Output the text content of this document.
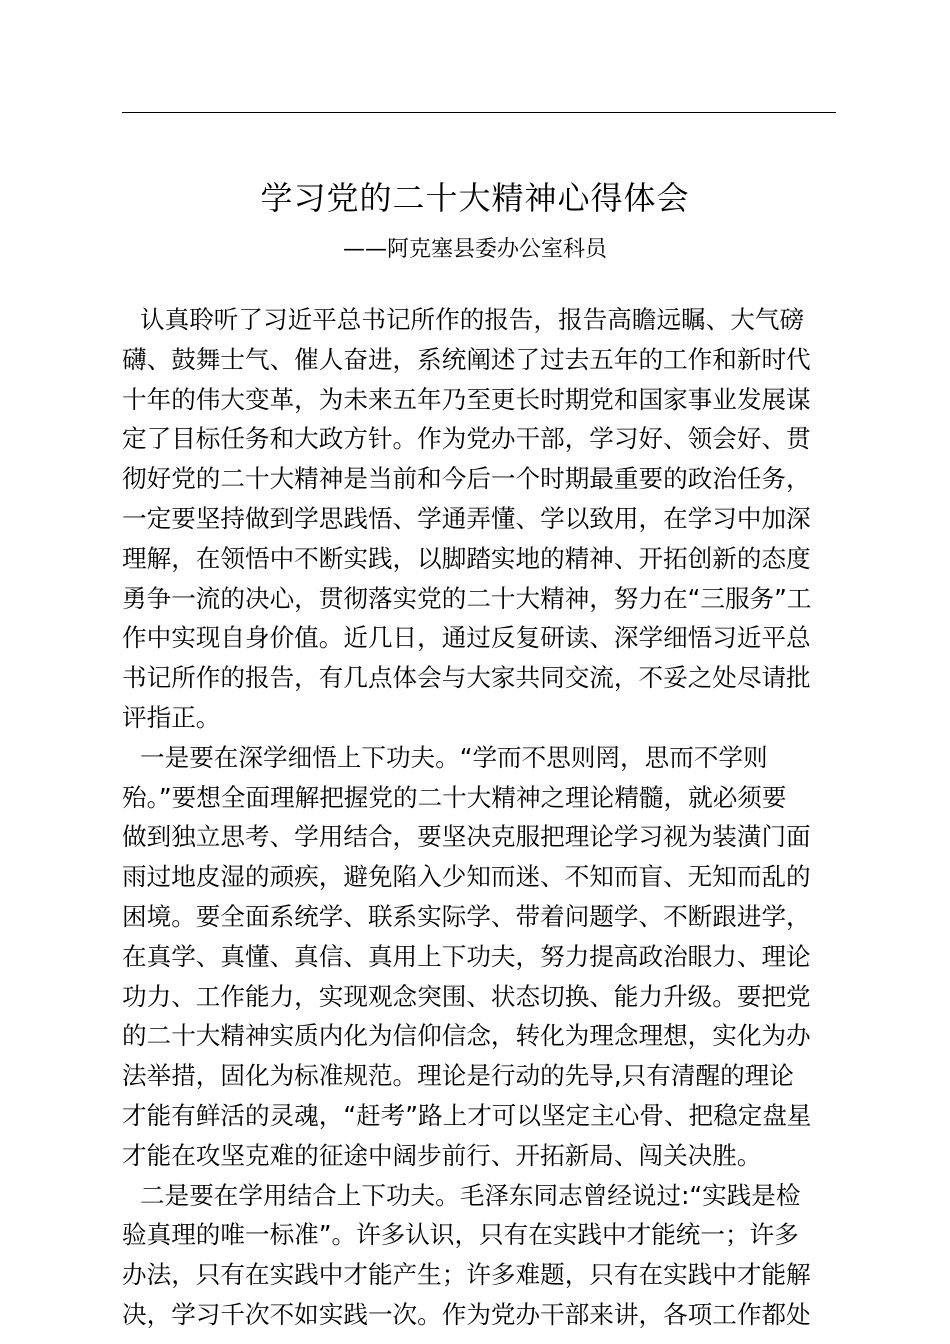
学习党的二十大精神心得体会
——阿克塞县委办公室科员
认真聆听了习近平总书记所作的报告，报告高瞻远瞩、大气磅
礴、鼓舞士气、催人奋进，系统阐述了过去五年的工作和新时代
十年的伟大变革，为未来五年乃至更长时期党和国家事业发展谋
定了目标任务和大政方针。作为党办干部，学习好、领会好、贯
彻好党的二十大精神是当前和今后一个时期最重要的政治任务，
一定要坚持做到学思践悟、学通弄懂、学以致用，在学习中加深
理解，在领悟中不断实践，以脚踏实地的精神、开拓创新的态度
勇争一流的决心，贯彻落实党的二十大精神，努力在“三服务”工
作中实现自身价值。近几日，通过反复研读、深学细悟习近平总
书记所作的报告，有几点体会与大家共同交流，不妥之处尽请批
评指正。
一是要在深学细悟上下功夫。“学而不思则罔，思而不学则
殆。”要想全面理解把握党的二十大精神之理论精髓，就必须要
做到独立思考、学用结合，要坚决克服把理论学习视为装潢门面
雨过地皮湿的顽疾，避免陷入少知而迷、不知而盲、无知而乱的
困境。要全面系统学、联系实际学、带着问题学、不断跟进学，
在真学、真懂、真信、真用上下功夫，努力提高政治眼力、理论
功力、工作能力，实现观念突围、状态切换、能力升级。要把党
的二十大精神实质内化为信仰信念，转化为理念理想，实化为办
法举措，固化为标准规范。理论是行动的先导,只有清醒的理论
才能有鲜活的灵魂，“赶考”路上才可以坚定主心骨、把稳定盘星
才能在攻坚克难的征途中阔步前行、开拓新局、闯关决胜。
二是要在学用结合上下功夫。毛泽东同志曾经说过:“实践是检
验真理的唯一标准”。许多认识，只有在实践中才能统一；许多
办法，只有在实践中才能产生；许多难题，只有在实践中才能解
决，学习千次不如实践一次。作为党办干部来讲，各项工作都处
